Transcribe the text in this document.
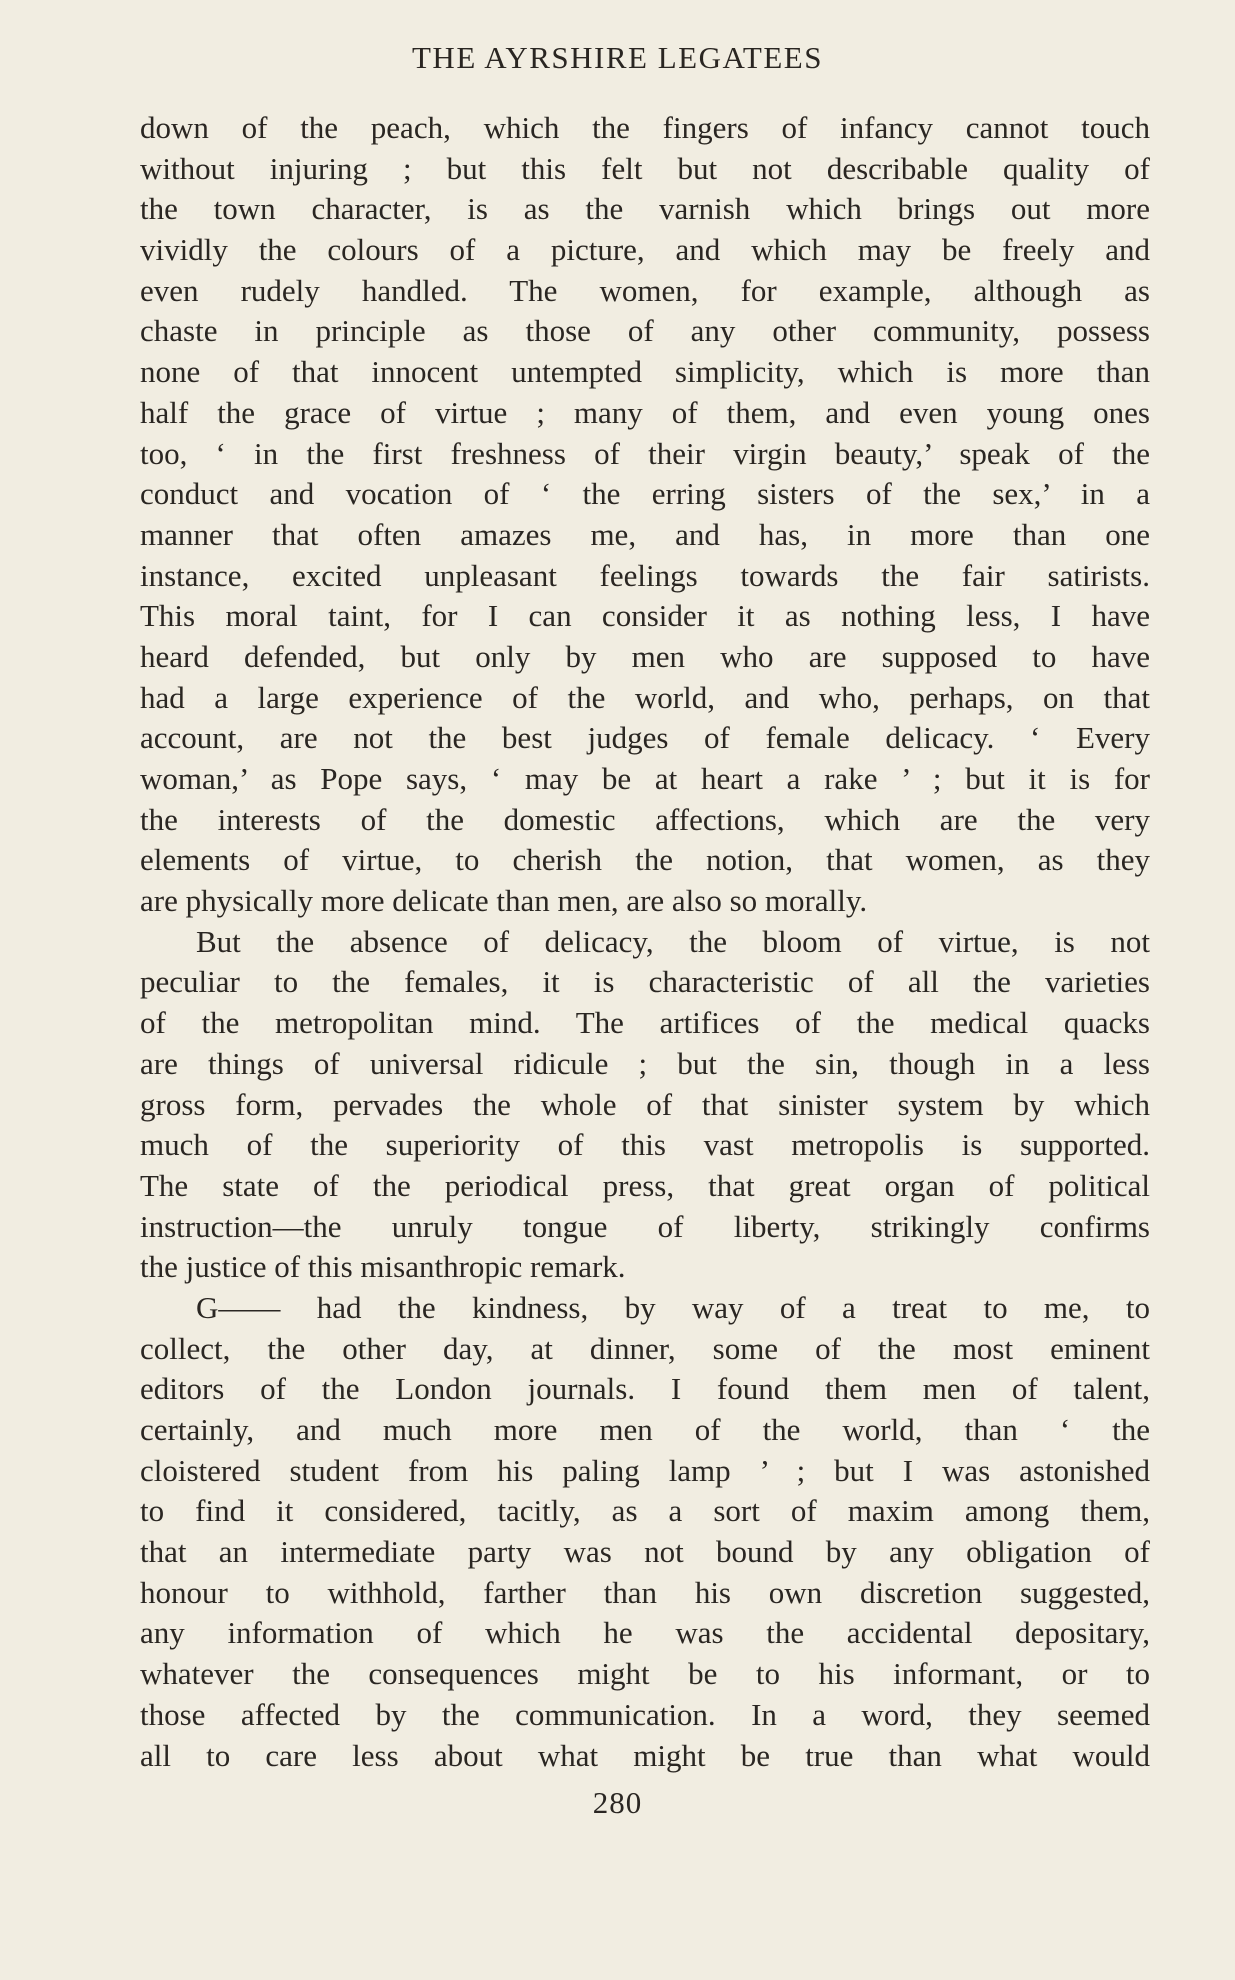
THE AYRSHIRE LEGATEES
down of the peach, which the fingers of infancy cannot touch
without injuring ; but this felt but not describable quality of
the town character, is as the varnish which brings out more
vividly the colours of a picture, and which may be freely and
even rudely handled. The women, for example, although as
chaste in principle as those of any other community, possess
none of that innocent untempted simplicity, which is more than
half the grace of virtue ; many of them, and even young ones
too, ‘ in the first freshness of their virgin beauty,’ speak of the
conduct and vocation of ‘ the erring sisters of the sex,’ in a
manner that often amazes me, and has, in more than one
instance, excited unpleasant feelings towards the fair satirists.
This moral taint, for I can consider it as nothing less, I have
heard defended, but only by men who are supposed to have
had a large experience of the world, and who, perhaps, on that
account, are not the best judges of female delicacy. ‘ Every
woman,’ as Pope says, ‘ may be at heart a rake ’ ; but it is for
the interests of the domestic affections, which are the very
elements of virtue, to cherish the notion, that women, as they
are physically more delicate than men, are also so morally.
But the absence of delicacy, the bloom of virtue, is not
peculiar to the females, it is characteristic of all the varieties
of the metropolitan mind. The artifices of the medical quacks
are things of universal ridicule ; but the sin, though in a less
gross form, pervades the whole of that sinister system by which
much of the superiority of this vast metropolis is supported.
The state of the periodical press, that great organ of political
instruction—the unruly tongue of liberty, strikingly confirms
the justice of this misanthropic remark.
G—— had the kindness, by way of a treat to me, to
collect, the other day, at dinner, some of the most eminent
editors of the London journals. I found them men of talent,
certainly, and much more men of the world, than ‘ the
cloistered student from his paling lamp ’ ; but I was astonished
to find it considered, tacitly, as a sort of maxim among them,
that an intermediate party was not bound by any obligation of
honour to withhold, farther than his own discretion suggested,
any information of which he was the accidental depositary,
whatever the consequences might be to his informant, or to
those affected by the communication. In a word, they seemed
all to care less about what might be true than what would
280
